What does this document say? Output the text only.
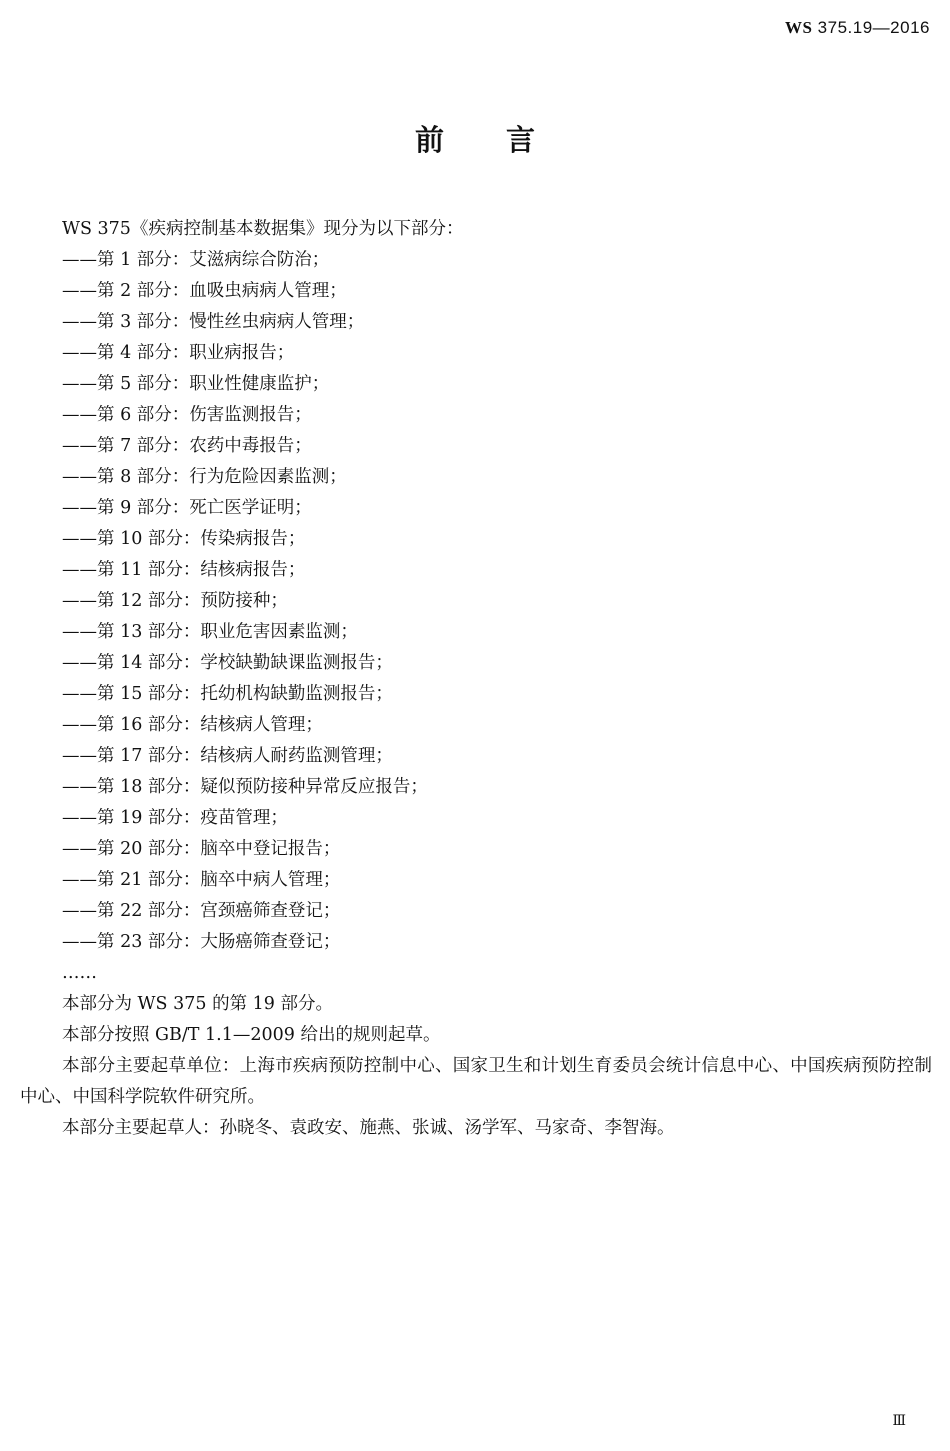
WS 375.19—2016
前言

WS 375《疾病控制基本数据集》现分为以下部分：

——第 1 部分：艾滋病综合防治；
——第 2 部分：血吸虫病病人管理；
——第 3 部分：慢性丝虫病病人管理；
——第 4 部分：职业病报告；
——第 5 部分：职业性健康监护；
——第 6 部分：伤害监测报告；
——第 7 部分：农药中毒报告；
——第 8 部分：行为危险因素监测；
——第 9 部分：死亡医学证明；
——第 10 部分：传染病报告；
——第 11 部分：结核病报告；
——第 12 部分：预防接种；
——第 13 部分：职业危害因素监测；
——第 14 部分：学校缺勤缺课监测报告；
——第 15 部分：托幼机构缺勤监测报告；
——第 16 部分：结核病人管理；
——第 17 部分：结核病人耐药监测管理；
——第 18 部分：疑似预防接种异常反应报告；
——第 19 部分：疫苗管理；
——第 20 部分：脑卒中登记报告；
——第 21 部分：脑卒中病人管理；
——第 22 部分：宫颈癌筛查登记；
——第 23 部分：大肠癌筛查登记；
……

本部分为 WS 375 的第 19 部分。

本部分按照 GB/T 1.1—2009 给出的规则起草。

本部分主要起草单位：上海市疾病预防控制中心、国家卫生和计划生育委员会统计信息中心、中国疾病预防控制中心、中国科学院软件研究所。

本部分主要起草人：孙晓冬、袁政安、施燕、张诚、汤学军、马家奇、李智海。

Ⅲ
